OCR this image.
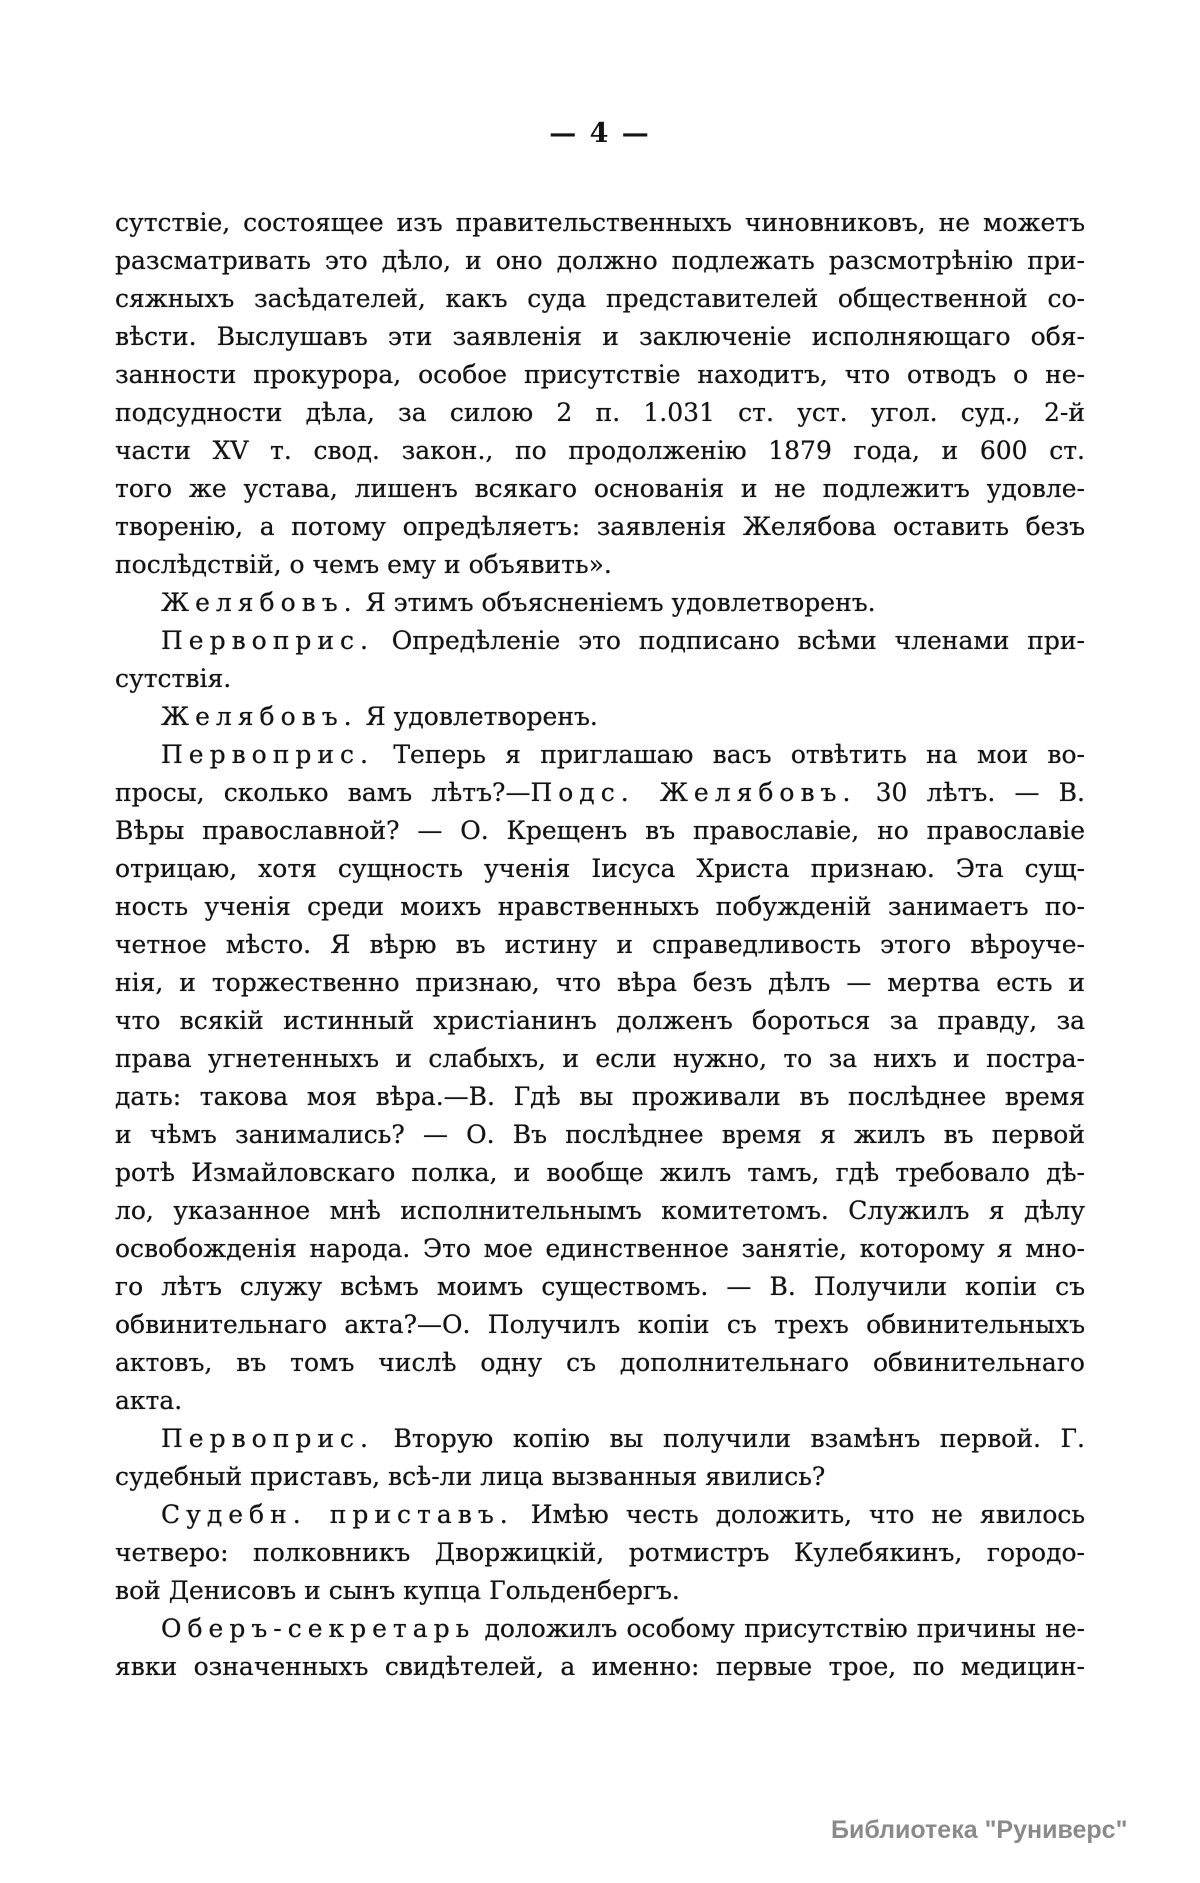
— 4 —
сутствіе, состоящее изъ правительственныхъ чиновниковъ, не можетъ
разсматривать это дѣло, и оно должно подлежать разсмотрѣнію при-
сяжныхъ засѣдателей, какъ суда представителей общественной со-
вѣсти. Выслушавъ эти заявленія и заключеніе исполняющаго обя-
занности прокурора, особое присутствіе находитъ, что отводъ о не-
подсудности дѣла, за силою 2 п. 1.031 ст. уст. угол. суд., 2-й
части XV т. свод. закон., по продолженію 1879 года, и 600 ст.
того же устава, лишенъ всякаго основанія и не подлежитъ удовле-
творенію, а потому опредѣляетъ: заявленія Желябова оставить безъ
послѣдствій, о чемъ ему и объявить».
Желябовъ. Я этимъ объясненіемъ удовлетворенъ.
Первоприс. Опредѣленіе это подписано всѣми членами при-
сутствія.
Желябовъ. Я удовлетворенъ.
Первоприс. Теперь я приглашаю васъ отвѣтить на мои во-
просы, сколько вамъ лѣтъ?—Подс. Желябовъ. 30 лѣтъ. — В.
Вѣры православной? — О. Крещенъ въ православіе, но православіе
отрицаю, хотя сущность ученія Іисуса Христа признаю. Эта сущ-
ность ученія среди моихъ нравственныхъ побужденій занимаетъ по-
четное мѣсто. Я вѣрю въ истину и справедливость этого вѣроуче-
нія, и торжественно признаю, что вѣра безъ дѣлъ — мертва есть и
что всякій истинный христіанинъ долженъ бороться за правду, за
права угнетенныхъ и слабыхъ, и если нужно, то за нихъ и постра-
дать: такова моя вѣра.—В. Гдѣ вы проживали въ послѣднее время
и чѣмъ занимались? — О. Въ послѣднее время я жилъ въ первой
ротѣ Измайловскаго полка, и вообще жилъ тамъ, гдѣ требовало дѣ-
ло, указанное мнѣ исполнительнымъ комитетомъ. Служилъ я дѣлу
освобожденія народа. Это мое единственное занятіе, которому я мно-
го лѣтъ служу всѣмъ моимъ существомъ. — В. Получили копіи съ
обвинительнаго акта?—О. Получилъ копіи съ трехъ обвинительныхъ
актовъ, въ томъ числѣ одну съ дополнительнаго обвинительнаго
акта.
Первоприс. Вторую копію вы получили взамѣнъ первой. Г.
судебный приставъ, всѣ-ли лица вызванныя явились?
Судебн. приставъ. Имѣю честь доложить, что не явилось
четверо: полковникъ Дворжицкій, ротмистръ Кулебякинъ, городо-
вой Денисовъ и сынъ купца Гольденбергъ.
Оберъ-секретарь доложилъ особому присутствію причины не-
явки означенныхъ свидѣтелей, а именно: первые трое, по медицин-
Библиотека "Руниверс"
